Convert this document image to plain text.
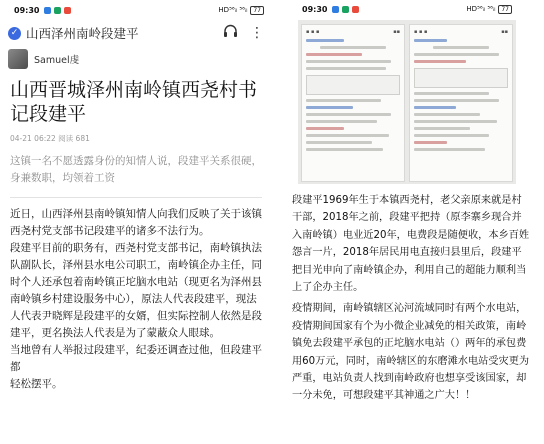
09:30	HD⁵⁶ᵢₗ ⁵⁶ᵢₗ	77
✓ 山西泽州南岭段建平	⋮
Samuel虔
山西晋城泽州南岭镇西尧村书记段建平
04-21 06:22 阅读 681
这镇一名不愿透露身份的知情人说，段建平关系很硬，身兼数职，均领着工资

近日，山西泽州县南岭镇知情人向我们反映了关于该镇西尧村党支部书记段建平的诸多不法行为。

段建平目前的职务有，西尧村党支部书记，南岭镇执法队副队长，泽州县水电公司职工，南岭镇企办主任，同时个人还承包着南岭镇正坨脑水电站（现更名为泽州县南岭镇乡村建设服务中心），原法人代表段建平，现法人代表尹晓辉是段建平的女婿，但实际控制人依然是段建平，更名换法人代表是为了蒙蔽众人眼球。

当地曾有人举报过段建平，纪委还调查过他，但段建平都

轻松摆平。

09:30	HD⁵⁶ᵢₗ ⁵⁶ᵢₗ	77
▪ ▪ ▪	▪▪	▪ ▪ ▪	▪▪

段建平1969年生于本镇西尧村，老父亲原来就是村干部，2018年之前，段建平把持（原李寨乡现合并入南岭镇）电业近20年，电费段是随便收，本乡百姓怨言一片，2018年居民用电直接归县里后，段建平把目光申向了南岭镇企办，利用自己的超能力顺利当上了企办主任。

疫情期间，南岭镇辖区沁河流域同时有两个水电站，疫情期间国家有个为小微企业减免的相关政策，南岭镇免去段建平承包的正坨脑水电站（）两年的承包费用60万元，同时，南岭辖区的东磨滩水电站受灾更为严重，电站负责人找到南岭政府也想享受该国家，却一分未免，可想段建平其神通之广大！！
